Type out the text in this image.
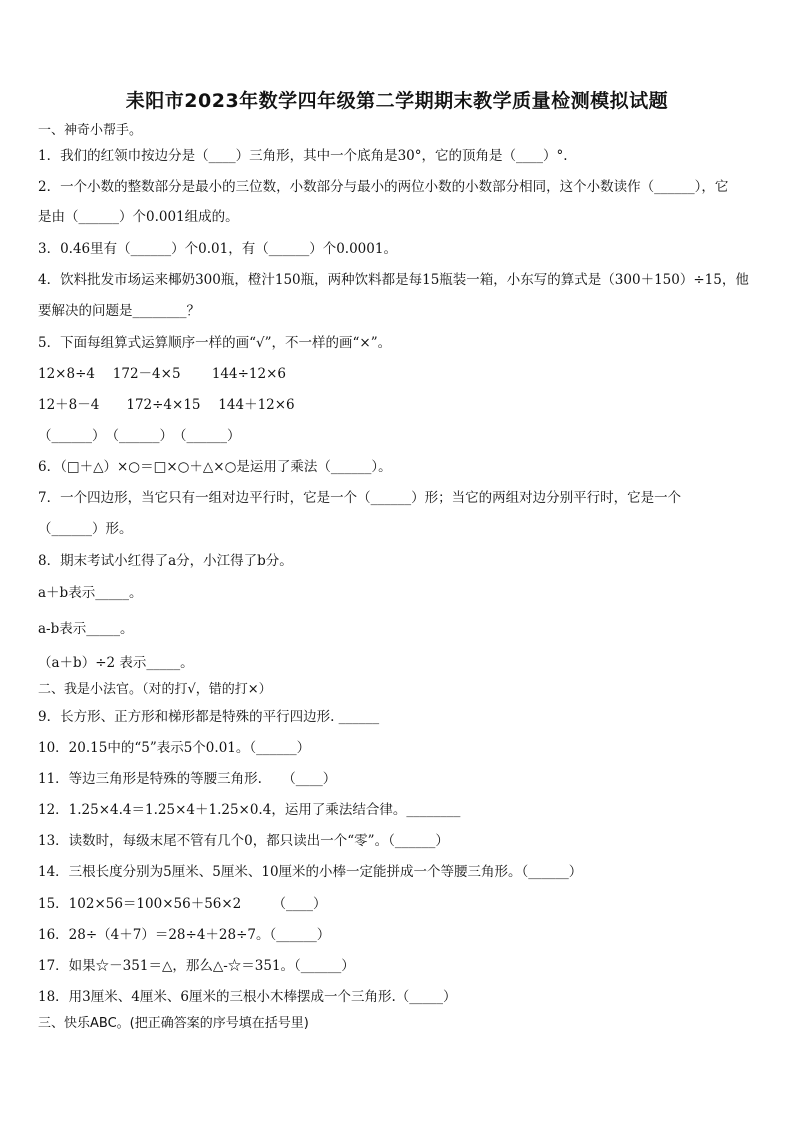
耒阳市2023年数学四年级第二学期期末教学质量检测模拟试题
一、神奇小帮手。
1．我们的红领巾按边分是（____）三角形，其中一个底角是30°，它的顶角是（____）°.
2．一个小数的整数部分是最小的三位数，小数部分与最小的两位小数的小数部分相同，这个小数读作（______），它
是由（______）个0.001组成的。
3．0.46里有（______）个0.01，有（______）个0.0001。
4．饮料批发市场运来椰奶300瓶，橙汁150瓶，两种饮料都是每15瓶装一箱，小东写的算式是（300＋150）÷15，他
要解决的问题是________？
5．下面每组算式运算顺序一样的画“√”，不一样的画“×”。
12×8÷4　 172－4×5　　 144÷12×6
12＋8－4　　172÷4×15　 144＋12×6
（______）　（______）　（______）
6．（□＋△）×○＝□×○＋△×○是运用了乘法（______）。
7．一个四边形，当它只有一组对边平行时，它是一个（______）形；当它的两组对边分别平行时，它是一个
（______）形。
8．期末考试小红得了a分，小江得了b分。
a＋b表示_____。
a-b表示_____。
（a＋b）÷2 表示_____。
二、我是小法官。（对的打√，错的打×）
9．长方形、正方形和梯形都是特殊的平行四边形. ______
10．20.15中的“5”表示5个0.01。（______）
11．等边三角形是特殊的等腰三角形.　　（____）
12．1.25×4.4＝1.25×4＋1.25×0.4，运用了乘法结合律。________
13．读数时，每级末尾不管有几个0，都只读出一个“零”。（______）
14．三根长度分别为5厘米、5厘米、10厘米的小棒一定能拼成一个等腰三角形。（______）
15．102×56＝100×56＋56×2　　 （____）
16．28÷（4＋7）＝28÷4＋28÷7。（______）
17．如果☆－351＝△，那么△-☆＝351。（______）
18．用3厘米、4厘米、6厘米的三根小木棒摆成一个三角形.（_____）
三、快乐ABC。(把正确答案的序号填在括号里)
